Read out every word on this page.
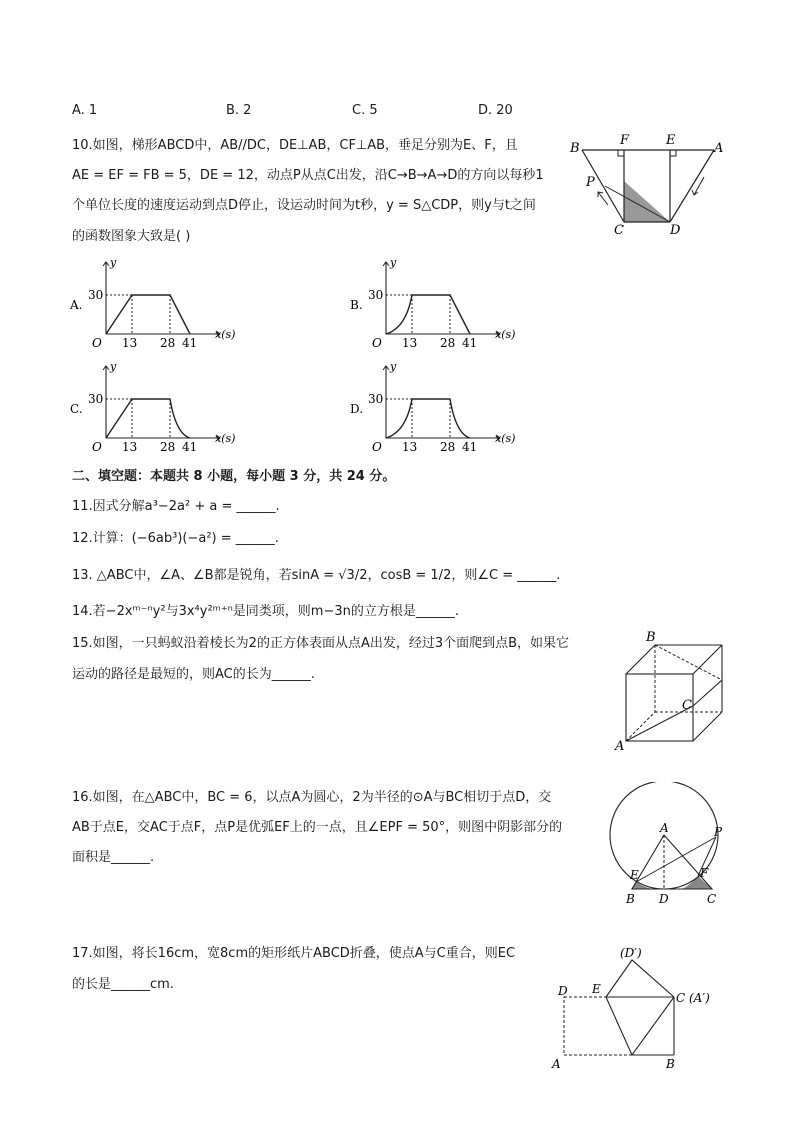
A. 1	B. 2	C. 5	D. 20
10.如图，梯形ABCD中，AB//DC，DE⊥AB，CF⊥AB，垂足分别为E、F，且
AE = EF = FB = 5，DE = 12，动点P从点C出发，沿C→B→A→D的方向以每秒1
个单位长度的速度运动到点D停止，设运动时间为t秒，y = S△CDP，则y与t之间
的函数图象大致是( )
B
F	E
A
P
C	D
A.
y
x(s)
O
30
13 28 41
B.
y
x(s)
O
30
13 28 41
C.
y
x(s)
O
30
13 28 41
D.
y
x(s)
O
30
13 28 41
二、填空题：本题共 8 小题，每小题 3 分，共 24 分。
11.因式分解a³−2a² + a = ______.
12.计算：(−6ab³)(−a²) = ______.
13. △ABC中，∠A、∠B都是锐角，若sinA = √3/2，cosB = 1/2，则∠C = ______.
14.若−2xᵐ⁻ⁿy²与3x⁴y²ᵐ⁺ⁿ是同类项，则m−3n的立方根是______.
15.如图，一只蚂蚁沿着棱长为2的正方体表面从点A出发，经过3个面爬到点B，如果它
运动的路径是最短的，则AC的长为______.
B
C
A
16.如图，在△ABC中，BC = 6，以点A为圆心，2为半径的⊙A与BC相切于点D，交
AB于点E，交AC于点F，点P是优弧EF上的一点，且∠EPF = 50°，则图中阴影部分的
面积是______.
A	P
E	F
B D	C
17.如图，将长16cm，宽8cm的矩形纸片ABCD折叠，使点A与C重合，则EC
的长是______cm.
(D′)
D E
C (A′)
A	B
